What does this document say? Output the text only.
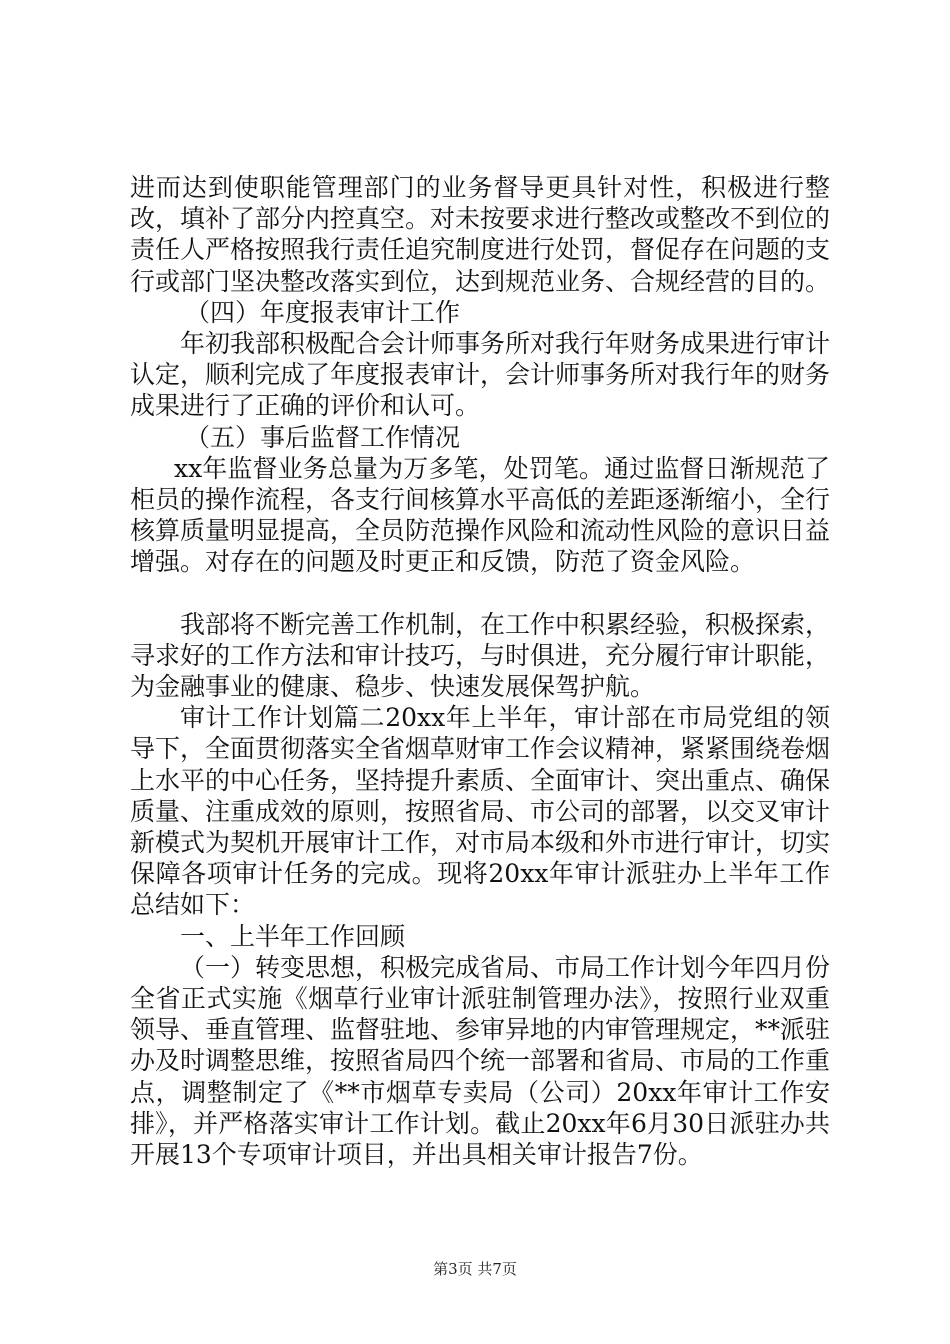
进而达到使职能管理部门的业务督导更具针对性，积极进行整改，填补了部分内控真空。对未按要求进行整改或整改不到位的责任人严格按照我行责任追究制度进行处罚，督促存在问题的支行或部门坚决整改落实到位，达到规范业务、合规经营的目的。

（四）年度报表审计工作

年初我部积极配合会计师事务所对我行年财务成果进行审计认定，顺利完成了年度报表审计，会计师事务所对我行年的财务成果进行了正确的评价和认可。

（五）事后监督工作情况

xx年监督业务总量为万多笔，处罚笔。通过监督日渐规范了柜员的操作流程，各支行间核算水平高低的差距逐渐缩小，全行核算质量明显提高，全员防范操作风险和流动性风险的意识日益增强。对存在的问题及时更正和反馈，防范了资金风险。

我部将不断完善工作机制，在工作中积累经验，积极探索，寻求好的工作方法和审计技巧，与时俱进，充分履行审计职能，为金融事业的健康、稳步、快速发展保驾护航。

审计工作计划篇二20xx年上半年，审计部在市局党组的领导下，全面贯彻落实全省烟草财审工作会议精神，紧紧围绕卷烟上水平的中心任务，坚持提升素质、全面审计、突出重点、确保质量、注重成效的原则，按照省局、市公司的部署，以交叉审计新模式为契机开展审计工作，对市局本级和外市进行审计，切实保障各项审计任务的完成。现将20xx年审计派驻办上半年工作总结如下：

一、上半年工作回顾

（一）转变思想，积极完成省局、市局工作计划今年四月份全省正式实施《烟草行业审计派驻制管理办法》，按照行业双重领导、垂直管理、监督驻地、参审异地的内审管理规定，**派驻办及时调整思维，按照省局四个统一部署和省局、市局的工作重点，调整制定了《**市烟草专卖局（公司）20xx年审计工作安排》，并严格落实审计工作计划。截止20xx年6月30日派驻办共开展13个专项审计项目，并出具相关审计报告7份。

第3页 共7页
